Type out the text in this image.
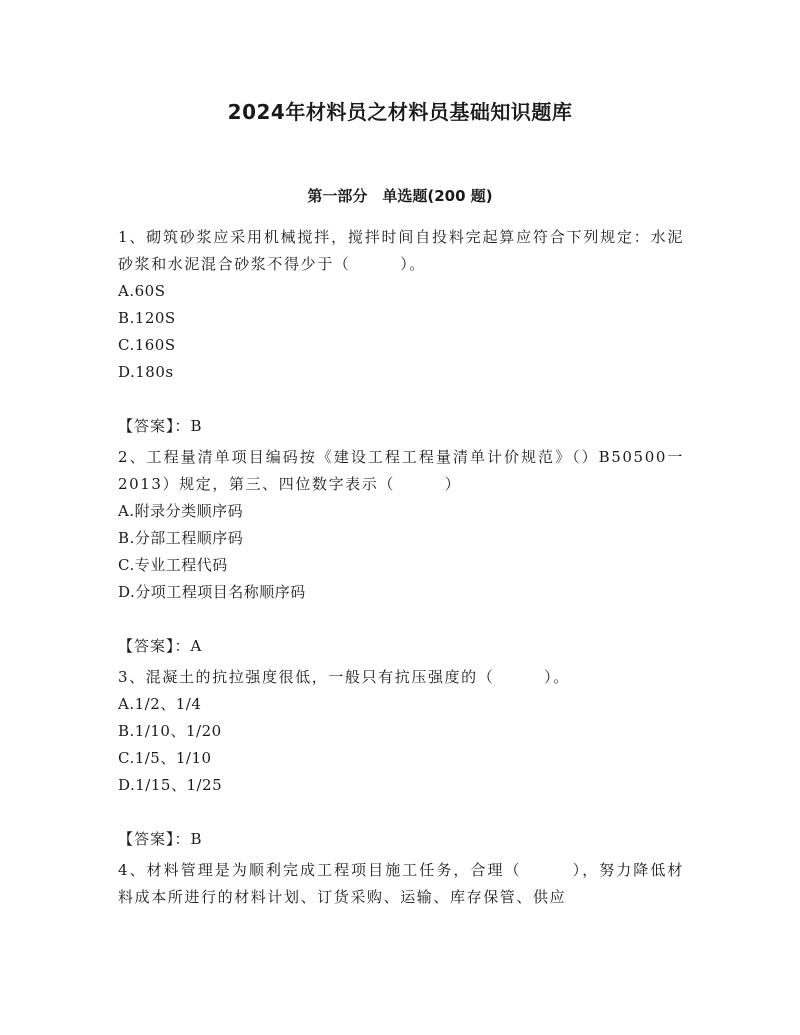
2024年材料员之材料员基础知识题库
第一部分　单选题(200 题)

1、砌筑砂浆应采用机械搅拌，搅拌时间自投料完起算应符合下列规定：水泥砂浆和水泥混合砂浆不得少于（　　　）。

A.60S

B.120S

C.160S

D.180s

【答案】：B

2、工程量清单项目编码按《建设工程工程量清单计价规范》（）B50500一2013）规定，第三、四位数字表示（　　　）

A.附录分类顺序码

B.分部工程顺序码

C.专业工程代码

D.分项工程项目名称顺序码

【答案】：A

3、混凝土的抗拉强度很低，一般只有抗压强度的（　　　）。

A.1/2、1/4

B.1/10、1/20

C.1/5、1/10

D.1/15、1/25

【答案】：B

4、材料管理是为顺利完成工程项目施工任务，合理（　　　），努力降低材料成本所进行的材料计划、订货采购、运输、库存保管、供应
